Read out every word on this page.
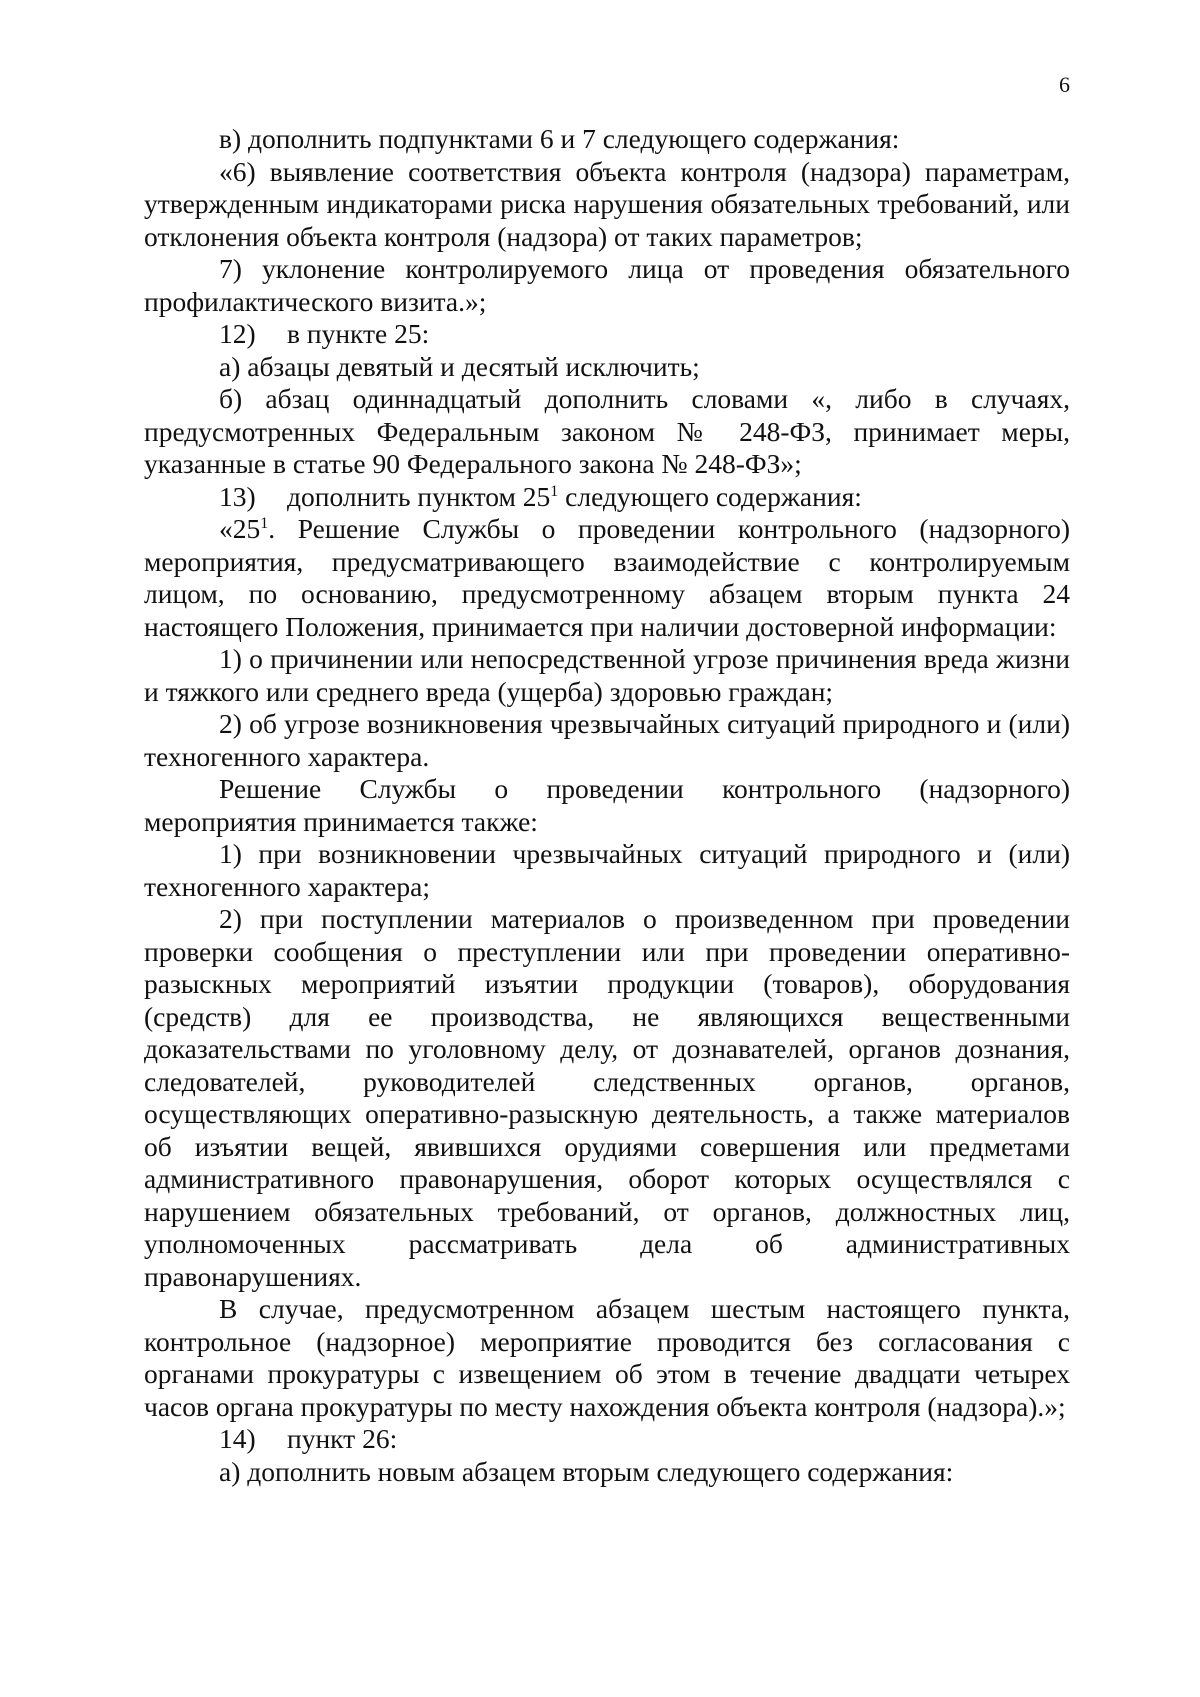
6

в) дополнить подпунктами 6 и 7 следующего содержания:

«6) выявление соответствия объекта контроля (надзора) параметрам, утвержденным индикаторами риска нарушения обязательных требований, или отклонения объекта контроля (надзора) от таких параметров;

7) уклонение контролируемого лица от проведения обязательного профилактического визита.»;

12) в пункте 25:

а) абзацы девятый и десятый исключить;

б) абзац одиннадцатый дополнить словами «, либо в случаях, предусмотренных Федеральным законом № 248-ФЗ, принимает меры, указанные в статье 90 Федерального закона № 248-ФЗ»;

13) дополнить пунктом $25^1$ следующего содержания:

«$25^1$. Решение Службы о проведении контрольного (надзорного) мероприятия, предусматривающего взаимодействие с контролируемым лицом, по основанию, предусмотренному абзацем вторым пункта 24 настоящего Положения, принимается при наличии достоверной информации:

1) о причинении или непосредственной угрозе причинения вреда жизни и тяжкого или среднего вреда (ущерба) здоровью граждан;

2) об угрозе возникновения чрезвычайных ситуаций природного и (или) техногенного характера.

Решение Службы о проведении контрольного (надзорного) мероприятия принимается также:

1) при возникновении чрезвычайных ситуаций природного и (или) техногенного характера;

2) при поступлении материалов о произведенном при проведении проверки сообщения о преступлении или при проведении оперативно-разыскных мероприятий изъятии продукции (товаров), оборудования (средств) для ее производства, не являющихся вещественными доказательствами по уголовному делу, от дознавателей, органов дознания, следователей, руководителей следственных органов, органов, осуществляющих оперативно-разыскную деятельность, а также материалов об изъятии вещей, явившихся орудиями совершения или предметами административного правонарушения, оборот которых осуществлялся с нарушением обязательных требований, от органов, должностных лиц, уполномоченных рассматривать дела об административных правонарушениях.

В случае, предусмотренном абзацем шестым настоящего пункта, контрольное (надзорное) мероприятие проводится без согласования с органами прокуратуры с извещением об этом в течение двадцати четырех часов органа прокуратуры по месту нахождения объекта контроля (надзора).»;

14) пункт 26:

а) дополнить новым абзацем вторым следующего содержания:
